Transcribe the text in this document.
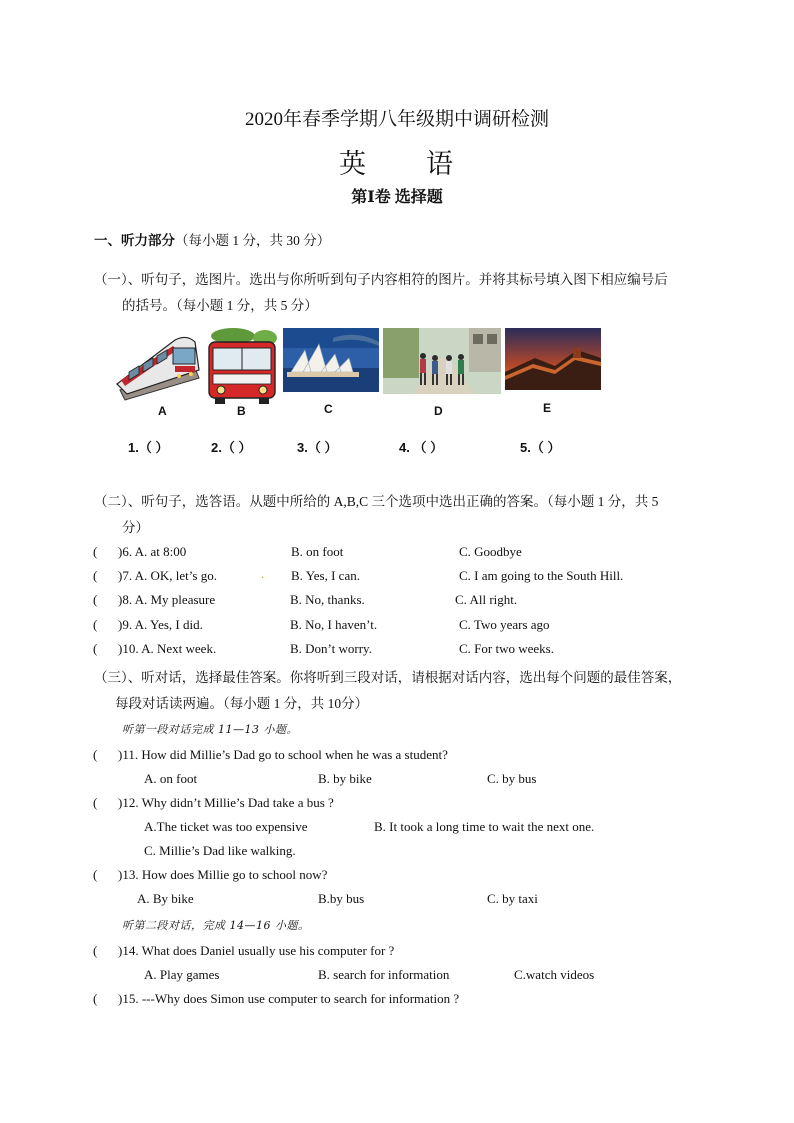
2020年春季学期八年级期中调研检测
英 语
第Ⅰ卷 选择题
一、听力部分（每小题 1 分，共 30 分）
（一）、听句子，选图片。选出与你所听到句子内容相符的图片。并将其标号填入图下相应编号后
的括号。（每小题 1 分，共 5 分）
A	B	C	D	E
1.（ ）	2.（ ）	3.（ ）	4. （ ）	5.（ ）
（二）、听句子，选答语。从题中所给的 A,B,C 三个选项中选出正确的答案。（每小题 1 分，共 5
分）
( )6. A. at 8:00	B. on foot	C. Goodbye
( )7. A. OK, let’s go.	. B. Yes, I can.	C. I am going to the South Hill.
( )8. A. My pleasure	B. No, thanks.	C. All right.
( )9. A. Yes, I did.	B. No, I haven’t.	C. Two years ago
( )10. A. Next week.	B. Don’t worry.	C. For two weeks.
（三）、听对话，选择最佳答案。你将听到三段对话，请根据对话内容，选出每个问题的最佳答案，
每段对话读两遍。（每小题 1 分，共 10分）
听第一段对话完成 11—13 小题。
( )11. How did Millie’s Dad go to school when he was a student?
A. on foot	B. by bike	C. by bus
( )12. Why didn’t Millie’s Dad take a bus ?
A.The ticket was too expensive	B. It took a long time to wait the next one.
C. Millie’s Dad like walking.
( )13. How does Millie go to school now?
A. By bike	B.by bus	C. by taxi
听第二段对话，完成 14—16 小题。
( )14. What does Daniel usually use his computer for ?
A. Play games	B. search for information	C.watch videos
( )15. ---Why does Simon use computer to search for information ?
